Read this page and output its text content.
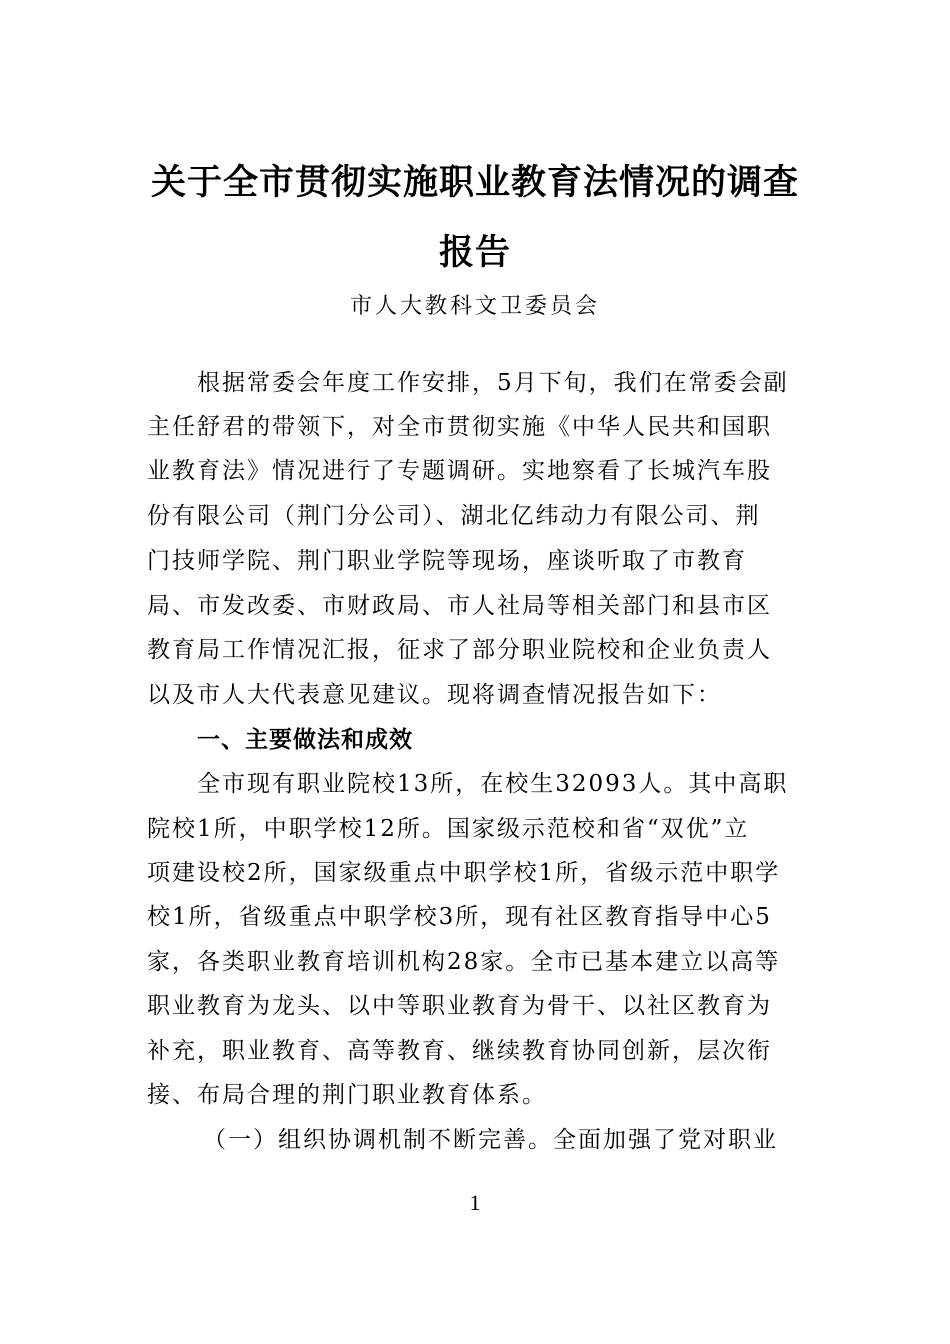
关于全市贯彻实施职业教育法情况的调查
报告
市人大教科文卫委员会
根据常委会年度工作安排，5月下旬，我们在常委会副
主任舒君的带领下，对全市贯彻实施《中华人民共和国职
业教育法》情况进行了专题调研。实地察看了长城汽车股
份有限公司（荆门分公司）、湖北亿纬动力有限公司、荆
门技师学院、荆门职业学院等现场，座谈听取了市教育
局、市发改委、市财政局、市人社局等相关部门和县市区
教育局工作情况汇报，征求了部分职业院校和企业负责人
以及市人大代表意见建议。现将调查情况报告如下：
一、主要做法和成效
全市现有职业院校13所，在校生32093人。其中高职
院校1所，中职学校12所。国家级示范校和省“双优”立
项建设校2所，国家级重点中职学校1所，省级示范中职学
校1所，省级重点中职学校3所，现有社区教育指导中心5
家，各类职业教育培训机构28家。全市已基本建立以高等
职业教育为龙头、以中等职业教育为骨干、以社区教育为
补充，职业教育、高等教育、继续教育协同创新，层次衔
接、布局合理的荆门职业教育体系。
（一）组织协调机制不断完善。全面加强了党对职业
1
